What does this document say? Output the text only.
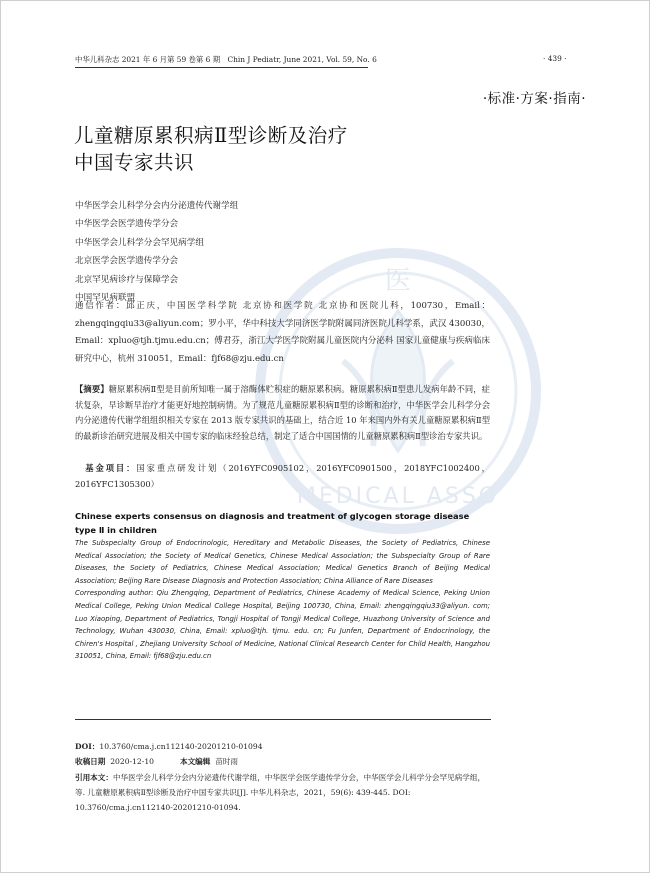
医
MEDICAL ASSO
中华儿科杂志 2021 年 6 月第 59 卷第 6 期　Chin J Pediatr, June 2021, Vol. 59, No. 6	· 439 ·
·标准·方案·指南·
儿童糖原累积病Ⅱ型诊断及治疗
中国专家共识
中华医学会儿科学分会内分泌遗传代谢学组
中华医学会医学遗传学分会
中华医学会儿科学分会罕见病学组
北京医学会医学遗传学分会
北京罕见病诊疗与保障学会
中国罕见病联盟
通信作者：邱正庆，中国医学科学院 北京协和医学院 北京协和医院儿科，100730，Email：zhengqingqiu33@aliyun.com；罗小平，华中科技大学同济医学院附属同济医院儿科学系，武汉 430030，Email：xpluo@tjh.tjmu.edu.cn；傅君芬，浙江大学医学院附属儿童医院内分泌科 国家儿童健康与疾病临床研究中心，杭州 310051，Email：fjf68@zju.edu.cn
【摘要】糖原累积病Ⅱ型是目前所知唯一属于溶酶体贮积症的糖原累积病。糖原累积病Ⅱ型患儿发病年龄不同，症状复杂，早诊断早治疗才能更好地控制病情。为了规范儿童糖原累积病Ⅱ型的诊断和治疗，中华医学会儿科学分会内分泌遗传代谢学组组织相关专家在 2013 版专家共识的基础上，结合近 10 年来国内外有关儿童糖原累积病Ⅱ型的最新诊治研究进展及相关中国专家的临床经验总结，制定了适合中国国情的儿童糖原累积病Ⅱ型诊治专家共识。
　基金项目：国家重点研发计划（2016YFC0905102，2016YFC0901500，2018YFC1002400，2016YFC1305300）
Chinese experts consensus on diagnosis and treatment of glycogen storage disease type Ⅱ in children

The Subspecialty Group of Endocrinologic, Hereditary and Metabolic Diseases, the Society of Pediatrics, Chinese Medical Association; the Society of Medical Genetics, Chinese Medical Association; the Subspecialty Group of Rare Diseases, the Society of Pediatrics, Chinese Medical Association; Medical Genetics Branch of Beijing Medical Association; Beijing Rare Disease Diagnosis and Protection Association; China Alliance of Rare Diseases

Corresponding author: Qiu Zhengqing, Department of Pediatrics, Chinese Academy of Medical Science, Peking Union Medical College, Peking Union Medical College Hospital, Beijing 100730, China, Email: zhengqingqiu33@aliyun. com; Luo Xiaoping, Department of Pediatrics, Tongji Hospital of Tongji Medical College, Huazhong University of Science and Technology, Wuhan 430030, China, Email: xpluo@tjh. tjmu. edu. cn; Fu Junfen, Department of Endocrinology, the Chiren's Hospital , Zhejiang University School of Medicine, National Clinical Research Center for Child Health, Hangzhou 310051, China, Email: fjf68@zju.edu.cn

DOI：10.3760/cma.j.cn112140-20201210-01094
收稿日期 2020-12-10	本文编辑 苗时雨
引用本文：中华医学会儿科学分会内分泌遗传代谢学组，中华医学会医学遗传学分会，中华医学会儿科学分会罕见病学组，等. 儿童糖原累积病Ⅱ型诊断及治疗中国专家共识[J]. 中华儿科杂志，2021，59(6): 439-445. DOI: 10.3760/cma.j.cn112140-20201210-01094.
